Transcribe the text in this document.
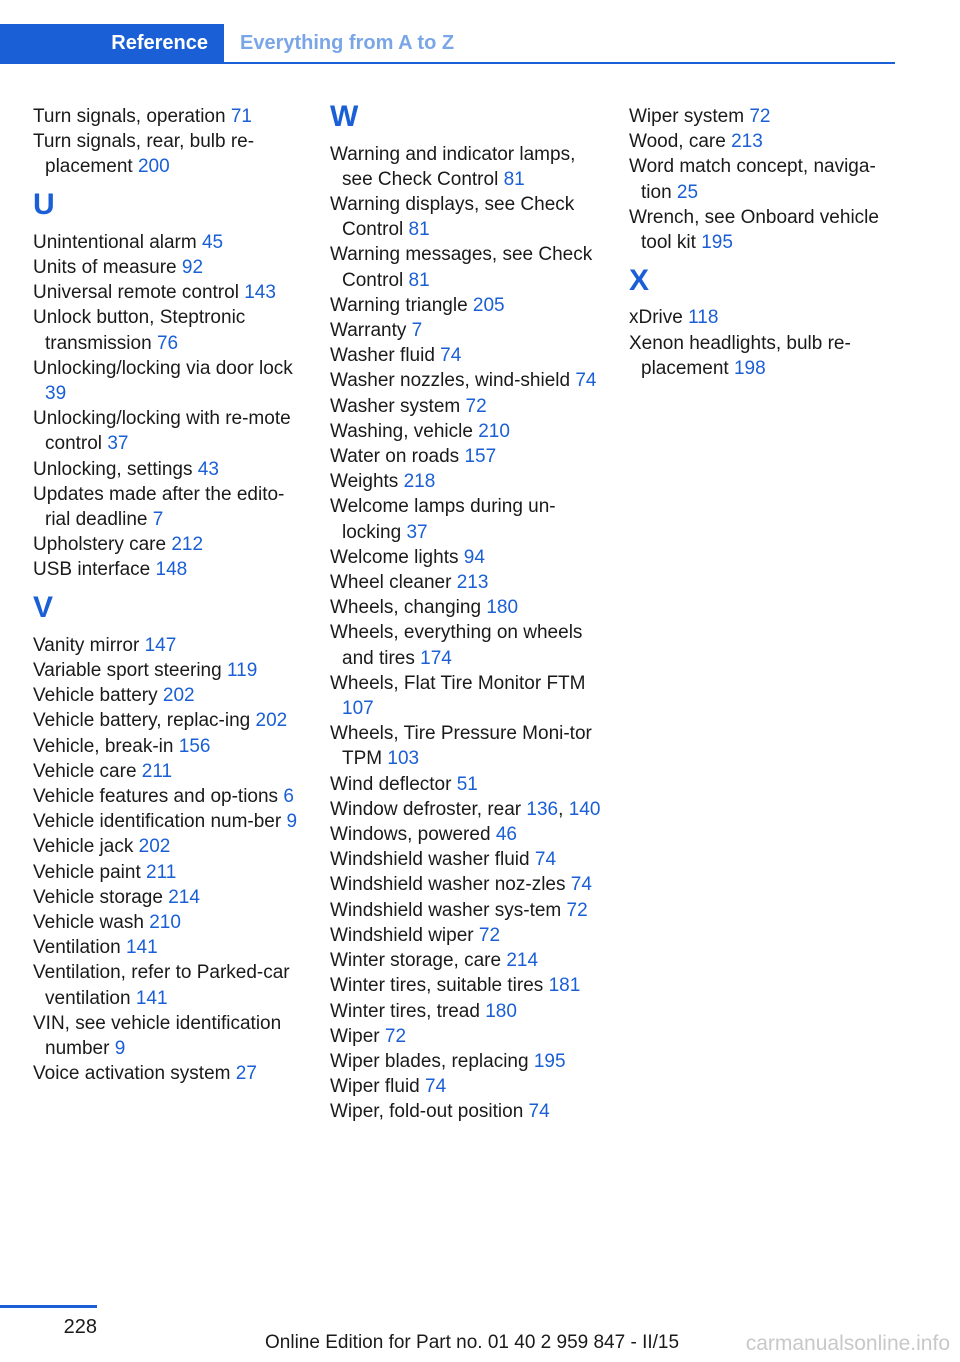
Reference	Everything from A to Z
Turn signals, operation 71
Turn signals, rear, bulb re-placement 200
U
Unintentional alarm 45
Units of measure 92
Universal remote control 143
Unlock button, Steptronic transmission 76
Unlocking/locking via door lock 39
Unlocking/locking with re-mote control 37
Unlocking, settings 43
Updates made after the edito-rial deadline 7
Upholstery care 212
USB interface 148
V
Vanity mirror 147
Variable sport steering 119
Vehicle battery 202
Vehicle battery, replac-ing 202
Vehicle, break-in 156
Vehicle care 211
Vehicle features and op-tions 6
Vehicle identification num-ber 9
Vehicle jack 202
Vehicle paint 211
Vehicle storage 214
Vehicle wash 210
Ventilation 141
Ventilation, refer to Parked-car ventilation 141
VIN, see vehicle identification number 9
Voice activation system 27
W
Warning and indicator lamps, see Check Control 81
Warning displays, see Check Control 81
Warning messages, see Check Control 81
Warning triangle 205
Warranty 7
Washer fluid 74
Washer nozzles, wind-shield 74
Washer system 72
Washing, vehicle 210
Water on roads 157
Weights 218
Welcome lamps during un-locking 37
Welcome lights 94
Wheel cleaner 213
Wheels, changing 180
Wheels, everything on wheels and tires 174
Wheels, Flat Tire Monitor FTM 107
Wheels, Tire Pressure Moni-tor TPM 103
Wind deflector 51
Window defroster, rear 136, 140
Windows, powered 46
Windshield washer fluid 74
Windshield washer noz-zles 74
Windshield washer sys-tem 72
Windshield wiper 72
Winter storage, care 214
Winter tires, suitable tires 181
Winter tires, tread 180
Wiper 72
Wiper blades, replacing 195
Wiper fluid 74
Wiper, fold-out position 74
Wiper system 72
Wood, care 213
Word match concept, naviga-tion 25
Wrench, see Onboard vehicle tool kit 195
X
xDrive 118
Xenon headlights, bulb re-placement 198
228
Online Edition for Part no. 01 40 2 959 847 - II/15	carmanualsonline.info
